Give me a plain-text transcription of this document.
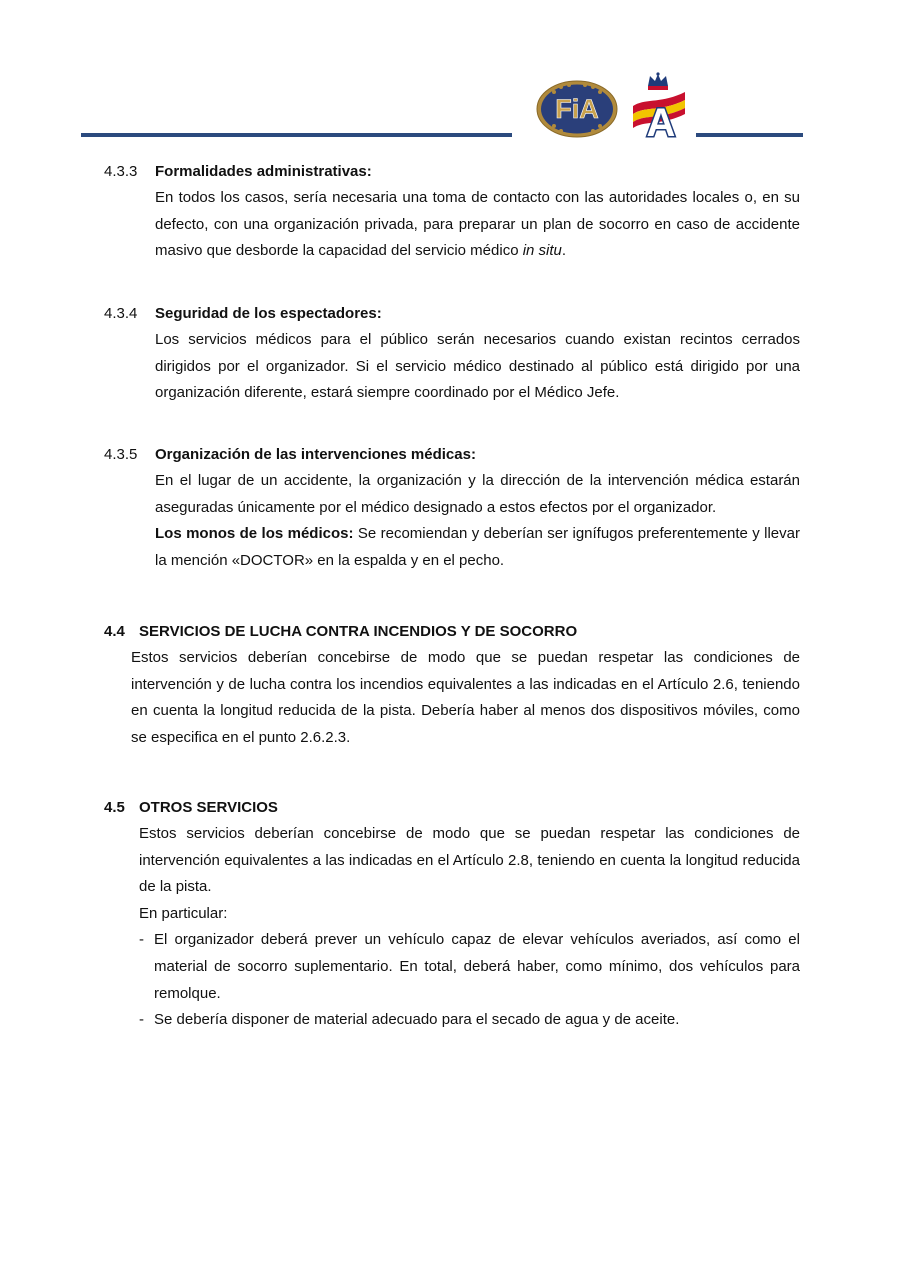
FiA A
4.3.3 Formalidades administrativas:

En todos los casos, sería necesaria una toma de contacto con las autoridades locales o, en su defecto, con una organización privada, para preparar un plan de socorro en caso de accidente masivo que desborde la capacidad del servicio médico in situ.

4.3.4 Seguridad de los espectadores:

Los servicios médicos para el público serán necesarios cuando existan recintos cerrados dirigidos por el organizador. Si el servicio médico destinado al público está dirigido por una organización diferente, estará siempre coordinado por el Médico Jefe.

4.3.5 Organización de las intervenciones médicas:

En el lugar de un accidente, la organización y la dirección de la intervención médica estarán aseguradas únicamente por el médico designado a estos efectos por el organizador.

Los monos de los médicos: Se recomiendan y deberían ser ignífugos preferentemente y llevar la mención «DOCTOR» en la espalda y en el pecho.

4.4 SERVICIOS DE LUCHA CONTRA INCENDIOS Y DE SOCORRO

Estos servicios deberían concebirse de modo que se puedan respetar las condiciones de intervención y de lucha contra los incendios equivalentes a las indicadas en el Artículo 2.6, teniendo en cuenta la longitud reducida de la pista. Debería haber al menos dos dispositivos móviles, como se especifica en el punto 2.6.2.3.

4.5 OTROS SERVICIOS

Estos servicios deberían concebirse de modo que se puedan respetar las condiciones de intervención equivalentes a las indicadas en el Artículo 2.8, teniendo en cuenta la longitud reducida de la pista.

En particular:

- El organizador deberá prever un vehículo capaz de elevar vehículos averiados, así como el material de socorro suplementario. En total, deberá haber, como mínimo, dos vehículos para remolque.
- Se debería disponer de material adecuado para el secado de agua y de aceite.
